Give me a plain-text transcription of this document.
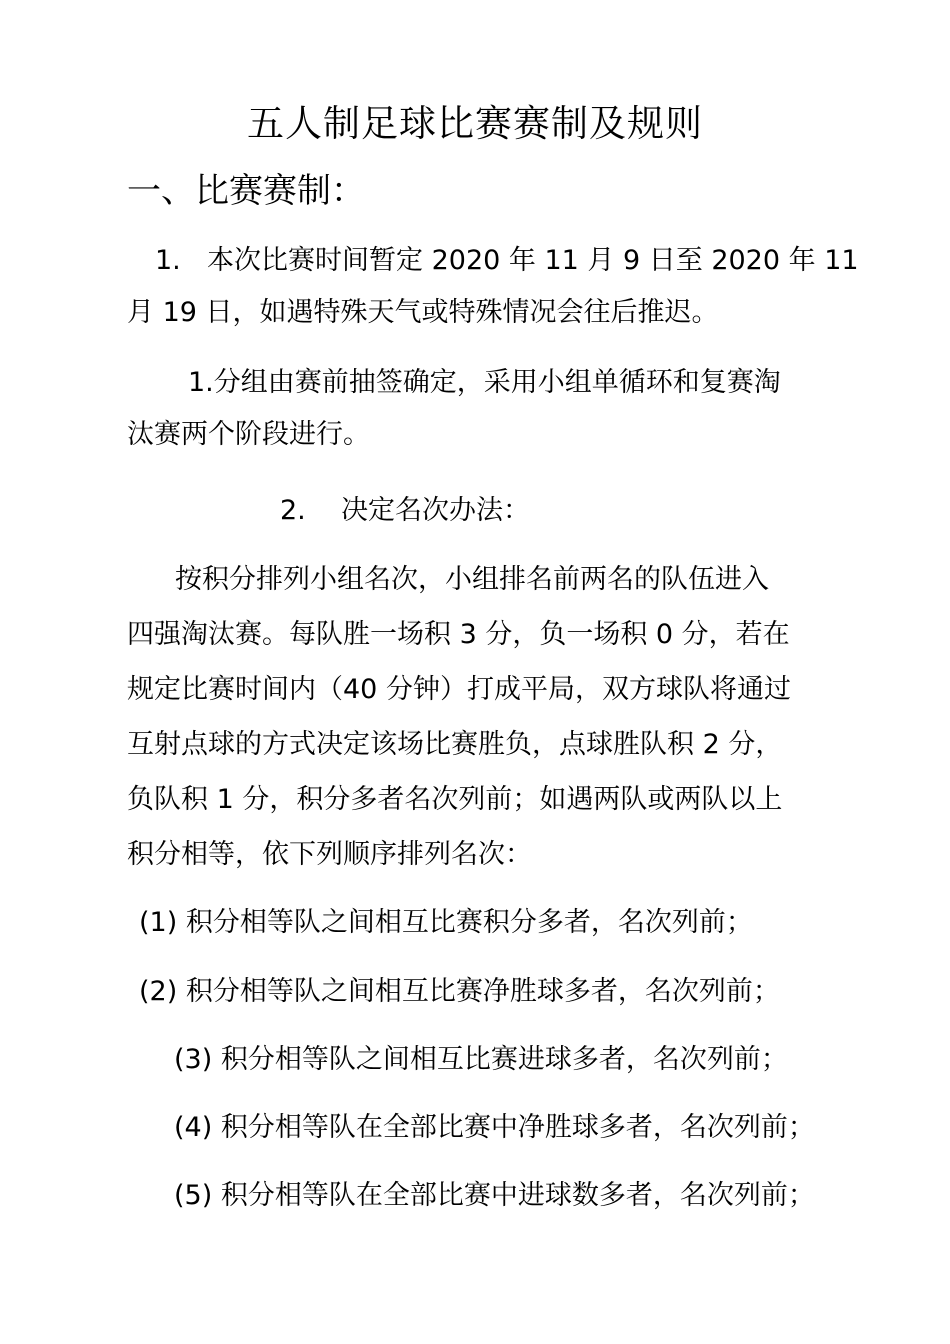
五人制足球比赛赛制及规则
一、比赛赛制：
1. 本次比赛时间暂定 2020 年 11 月 9 日至 2020 年 11
月 19 日，如遇特殊天气或特殊情况会往后推迟。
1.分组由赛前抽签确定，采用小组单循环和复赛淘
汰赛两个阶段进行。
2. 决定名次办法：
按积分排列小组名次，小组排名前两名的队伍进入
四强淘汰赛。每队胜一场积 3 分，负一场积 0 分，若在
规定比赛时间内（40 分钟）打成平局，双方球队将通过
互射点球的方式决定该场比赛胜负，点球胜队积 2 分，
负队积 1 分，积分多者名次列前；如遇两队或两队以上
积分相等，依下列顺序排列名次：
(1) 积分相等队之间相互比赛积分多者，名次列前；
(2) 积分相等队之间相互比赛净胜球多者，名次列前；
(3) 积分相等队之间相互比赛进球多者，名次列前；
(4) 积分相等队在全部比赛中净胜球多者，名次列前；
(5) 积分相等队在全部比赛中进球数多者，名次列前；
